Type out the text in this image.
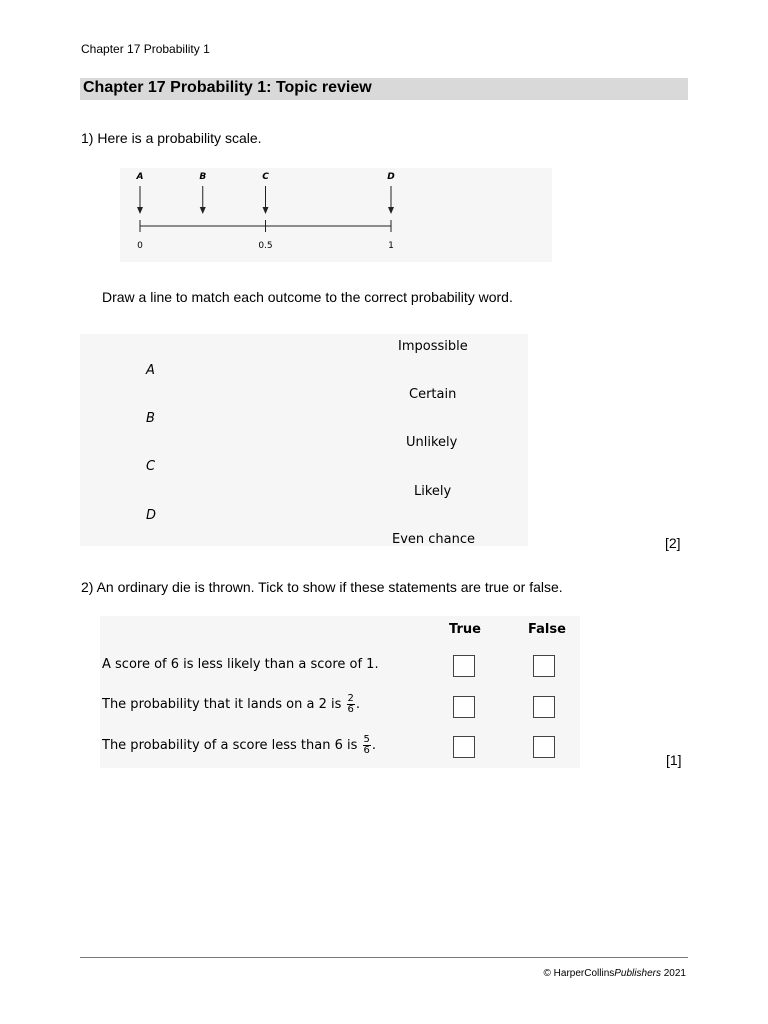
Chapter 17 Probability 1
Chapter 17 Probability 1: Topic review
1) Here is a probability scale.
0	0.5	1
A	B	C	D
Draw a line to match each outcome to the correct probability word.
A
B
C
D
Impossible
Certain
Unlikely
Likely
Even chance	[2]
2) An ordinary die is thrown. Tick to show if these statements are true or false.
True	False
A score of 6 is less likely than a score of 1.
The probability that it lands on a 2 is $\frac{2}{6}$ .
The probability of a score less than 6 is $\frac{5}{6}$ .
[1]
© HarperCollinsPublishers 2021
